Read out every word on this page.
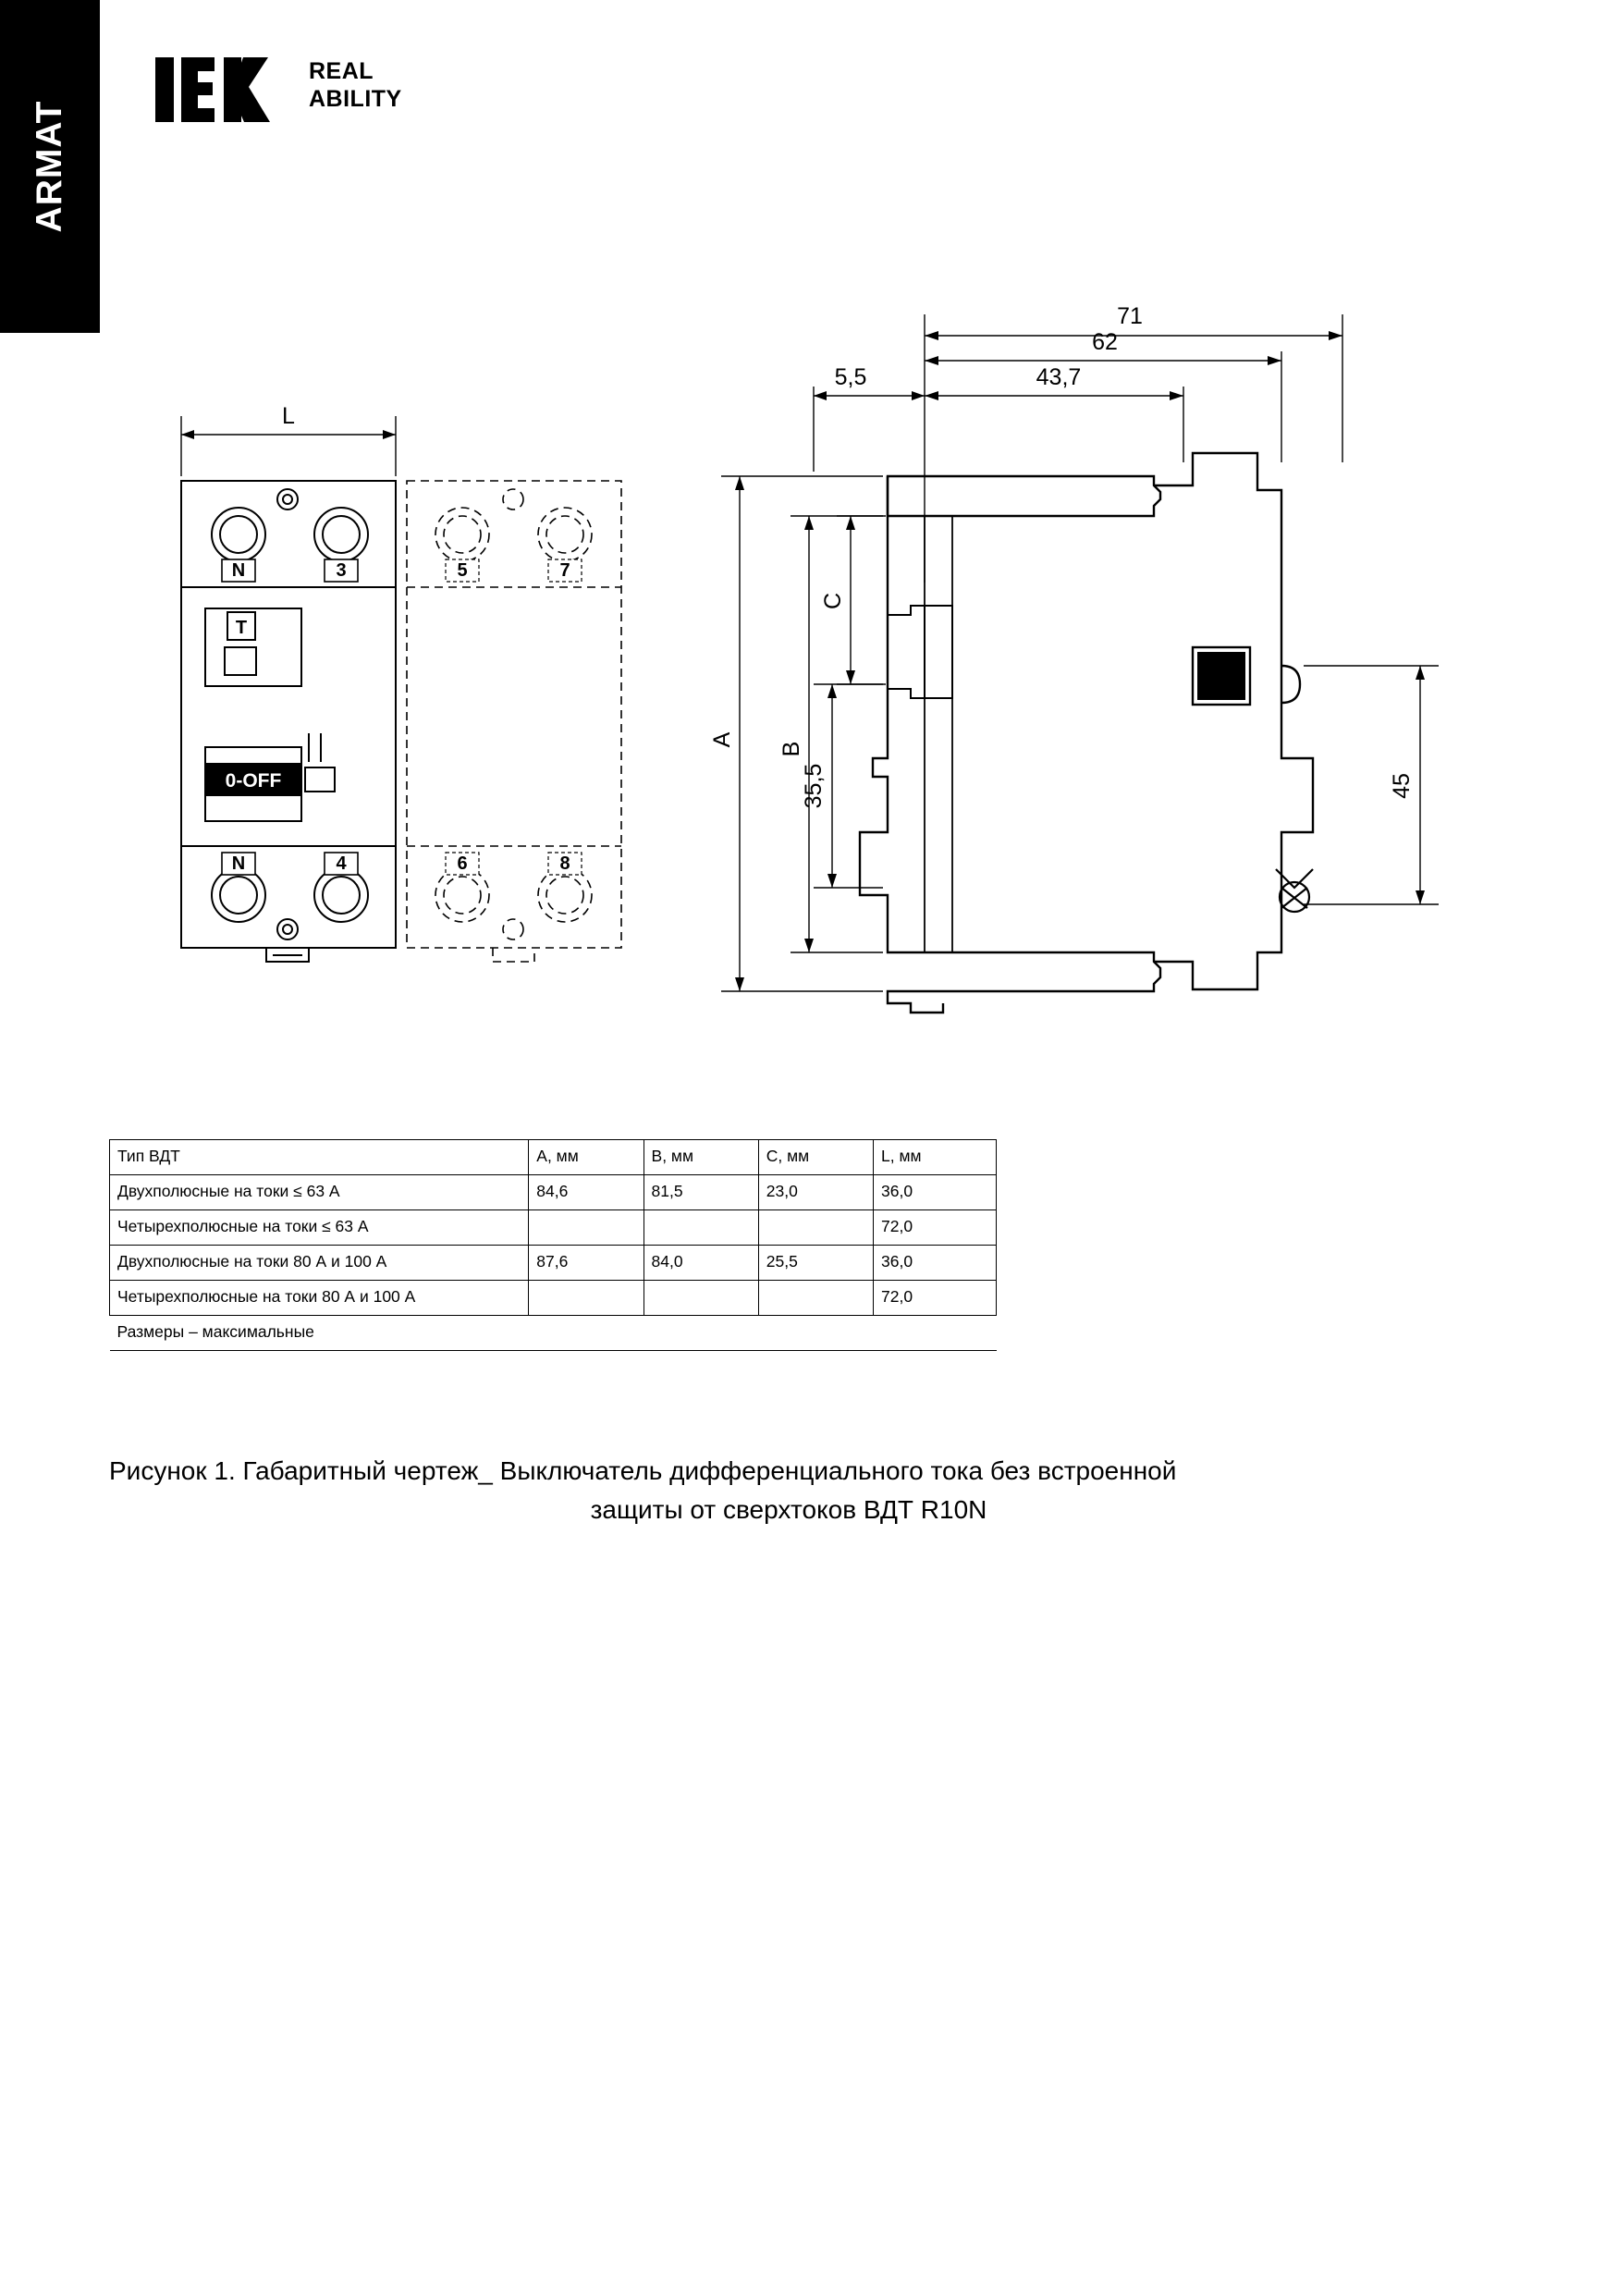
ARMAT
REAL
ABILITY
L
N	3
N	4
T
0-OFF
5	7
6	8
71
62
5,5	43,7
A
B
C
35,5	45
Тип ВДТ	A, мм	B, мм	C, мм	L, мм
Двухполюсные на токи ≤ 63 А	84,6	81,5	23,0	36,0
Четырехполюсные на токи ≤ 63 А				72,0
Двухполюсные на токи 80 А и 100 А	87,6	84,0	25,5	36,0
Четырехполюсные на токи 80 А и 100 А				72,0
Размеры – максимальные				
Рисунок 1. Габаритный чертеж_ Выключатель дифференциального тока без встроенной
защиты от сверхтоков ВДТ R10N
